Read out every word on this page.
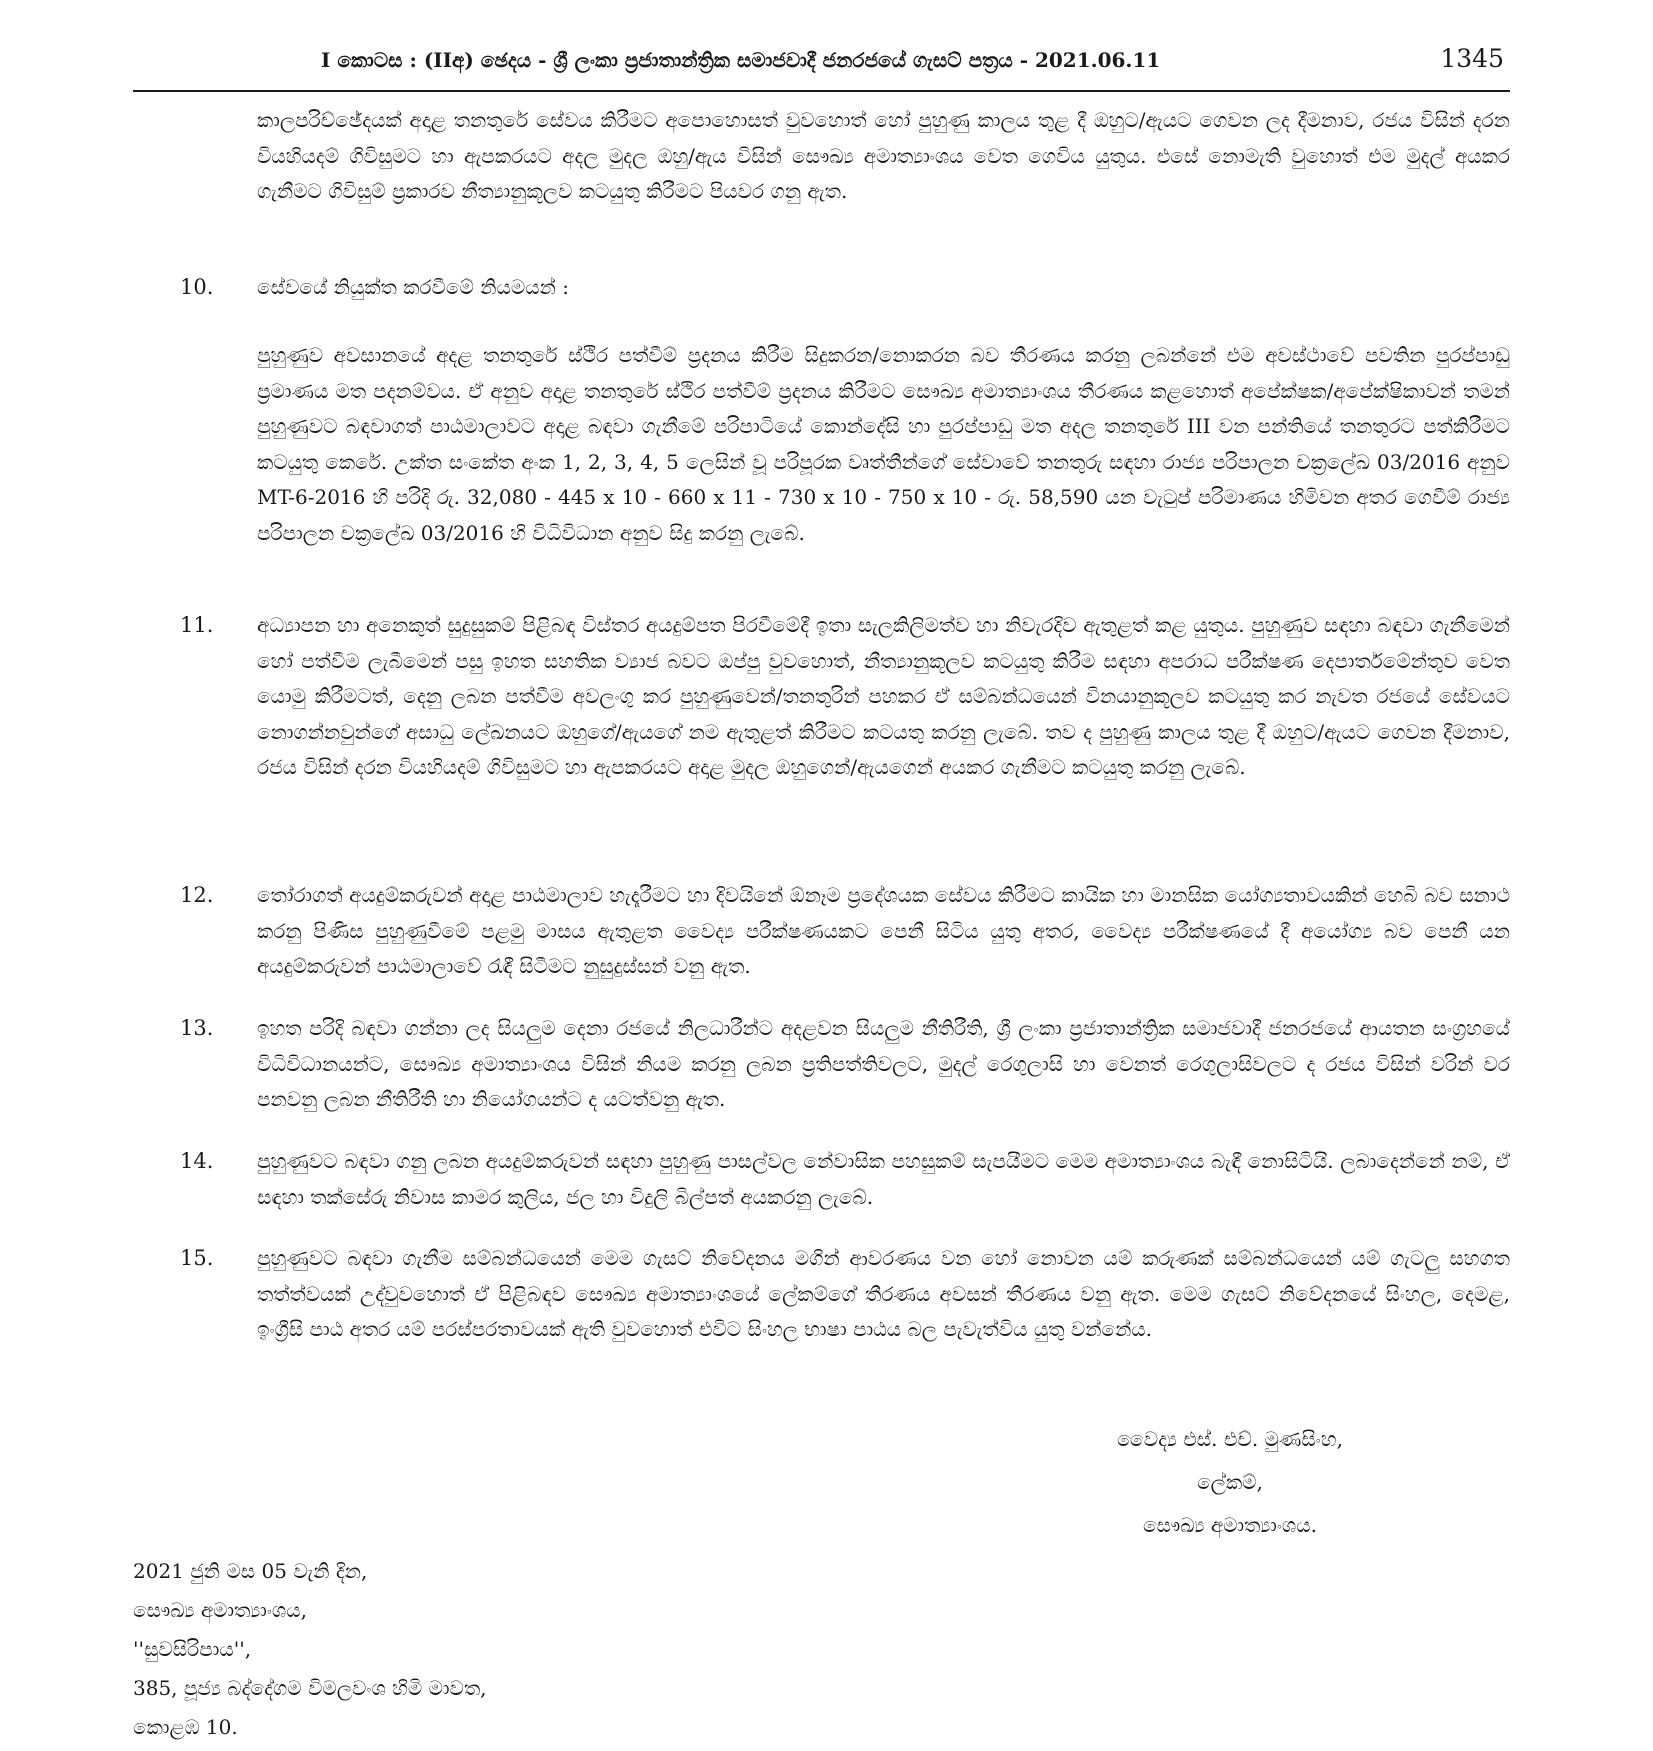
I කොටස : (IIඅ) ඡෙදය - ශ්‍රී ලංකා ප්‍රජාතාන්ත්‍රික සමාජවාදී ජනරජයේ ගැසට් පත්‍රය - 2021.06.11	1345

කාලපරිච්ඡේදයක් අදාළ තනතුරේ සේවය කිරීමට අපොහොසත් වුවහොත් හෝ පුහුණු කාලය තුළ දී ඔහුට/ඇයට ගෙවන ලද දීමනාව, රජය විසින් දරන වියහියදම් ගිවිසුමට හා ඇපකරයට අදල මුදල ඔහු/ඇය විසින් සෞඛ්‍ය අමාත්‍යාංශය වෙත ගෙවිය යුතුය. එසේ නොමැති වුහොත් එම මුදල් අයකර ගැනීමට ගිවිසුම් ප්‍රකාරව නීත්‍යානුකූලව කටයුතු කිරීමට පියවර ගනු ඇත.

10. සේවයේ නියුක්ත කරවීමේ නියමයන් :

පුහුණුව අවසානයේ අදළ තනතුරේ ස්ථිර පත්වීම් ප්‍රදනය කිරීම සිදුකරන/නොකරන බව තීරණය කරනු ලබන්නේ එම අවස්ථාවේ පවතින පුරප්පාඩු ප්‍රමාණය මත පදනම්වය. ඒ අනුව අදාළ තනතුරේ ස්ථිර පත්වීම් ප්‍රදනය කිරීමට සෞඛ්‍ය අමාත්‍යාංශය තීරණය කළහොත් අපේක්ෂක/අපේක්ෂිකාවන් තමන් පුහුණුවට බඳවාගත් පාඨමාලාවට අදාළ බඳවා ගැනීමේ පරිපාටියේ කොන්දේසි හා පුරප්පාඩු මත අදල තනතුරේ III වන පන්තියේ තනතුරට පත්කිරීමට කටයුතු කෙරේ. උක්ත සංකේත අංක 1, 2, 3, 4, 5 ලෙසින් වූ පරිපූරක වෘත්තීන්ගේ සේවාවේ තනතුරු සඳහා රාජ්‍ය පරිපාලන චක්‍රලේඛ 03/2016 අනුව MT-6-2016 හි පරිදි රු. 32,080 - 445 x 10 - 660 x 11 - 730 x 10 - 750 x 10 - රු. 58,590 යන වැටුප් පරිමාණය හිමිවන අතර ගෙවීම් රාජ්‍ය පරිපාලන චක්‍රලේඛ 03/2016 හි විධිවිධාන අනුව සිදු කරනු ලැබේ.

11. අධ්‍යාපන හා අනෙකුත් සුදුසුකම් පිළිබඳ විස්තර අයදුම්පත පිරවීමේදී ඉතා සැලකිලිමත්ව හා නිවැරදිව ඇතුළත් කළ යුතුය. පුහුණුව සඳහා බඳවා ගැනීමෙන් හෝ පත්වීම ලැබීමෙන් පසු ඉහත සහතික ව්‍යාජ බවට ඔප්පු වුවහොත්, නීත්‍යානුකූලව කටයුතු කිරීම සඳහා අපරාධ පරීක්ෂණ දෙපාර්තමේන්තුව වෙත යොමු කිරීමටත්, දෙනු ලබන පත්වීම අවලංගු කර පුහුණුවෙන්/තනතුරින් පහකර ඒ සම්බන්ධයෙන් විනයානුකූලව කටයුතු කර නැවත රජයේ සේවයට නොගන්නවුන්ගේ අසාධු ලේඛනයට ඔහුගේ/ඇයගේ නම ඇතුළත් කිරීමට කටයතු කරනු ලැබේ. තව ද පුහුණු කාලය තුළ දී ඔහුට/ඇයට ගෙවන දීමනාව, රජය විසින් දරන වියහියදම් ගිවිසුමට හා ඇපකරයට අදාළ මුදල ඔහුගෙන්/ඇයගෙන් අයකර ගැනීමට කටයුතු කරනු ලැබේ.

12. තෝරාගත් අයදුම්කරුවන් අදාළ පාඨමාලාව හැදෑරීමට හා දිවයිනේ ඕනෑම ප්‍රදේශයක සේවය කිරීමට කායික හා මානසික යෝග්‍යතාවයකින් හෙබි බව සනාථ කරනු පිණිස පුහුණුවීමේ පළමු මාසය ඇතුළත වෛද්‍ය පරීක්ෂණයකට පෙනී සිටිය යුතු අතර, වෛද්‍ය පරීක්ෂණයේ දී අයෝග්‍ය බව පෙනී යන අයදුම්කරුවන් පාඨමාලාවේ රැඳී සිටීමට නුසුදුස්සන් වනු ඇත.

13. ඉහත පරිදි බඳවා ගන්නා ලද සියලුම දෙනා රජයේ නිලධාරීන්ට අදළවන සියලුම නීතිරීති, ශ්‍රී ලංකා ප්‍රජාතාන්ත්‍රික සමාජවාදී ජනරජයේ ආයතන සංග්‍රහයේ විධිවිධානයන්ට, සෞඛ්‍ය අමාත්‍යාංශය විසින් නියම කරනු ලබන ප්‍රතිපත්තිවලට, මුදල් රෙගුලාසි හා වෙනත් රෙගුලාසිවලට ද රජය විසින් වරින් වර පනවනු ලබන නීතිරීති හා නියෝගයන්ට ද යටත්වනු ඇත.

14. පුහුණුවට බඳවා ගනු ලබන අයදුම්කරුවන් සඳහා පුහුණු පාසල්වල නේවාසික පහසුකම් සැපයීමට මෙම අමාත්‍යාංශය බැඳී නොසිටියි. ලබාදෙන්නේ නම්, ඒ සඳහා තක්සේරු නිවාස කාමර කුලිය, ජල හා විදුලි බිල්පත් අයකරනු ලැබේ.

15. පුහුණුවට බඳවා ගැනීම සම්බන්ධයෙන් මෙම ගැසට් නිවේදනය මගින් ආවරණය වන හෝ නොවන යම් කරුණක් සම්බන්ධයෙන් යම් ගැටලු සහගත තත්ත්වයක් උද්වුවහොත් ඒ පිළිබඳව සෞඛ්‍ය අමාත්‍යාංශයේ ලේකම්ගේ තීරණය අවසන් තීරණය වනු ඇත. මෙම ගැසට් නිවේදනයේ සිංහල, දෙමළ, ඉංග්‍රීසි පාඨ අතර යම් පරස්පරතාවයක් ඇති වුවහොත් එවිට සිංහල භාෂා පාඨය බල පැවැත්විය යුතු වන්නේය.

වෛද්‍ය එස්. එච්. මුණසිංහ,
ලේකම්,
සෞඛ්‍ය අමාත්‍යාංශය.
2021 ජුනි මස 05 වැනි දින,
සෞඛ්‍ය අමාත්‍යාංශය,
''සුවසිරිපාය'',
385, පූජ්‍ය බද්දේගම විමලවංශ හිමි මාවත,
කොළඹ 10.
